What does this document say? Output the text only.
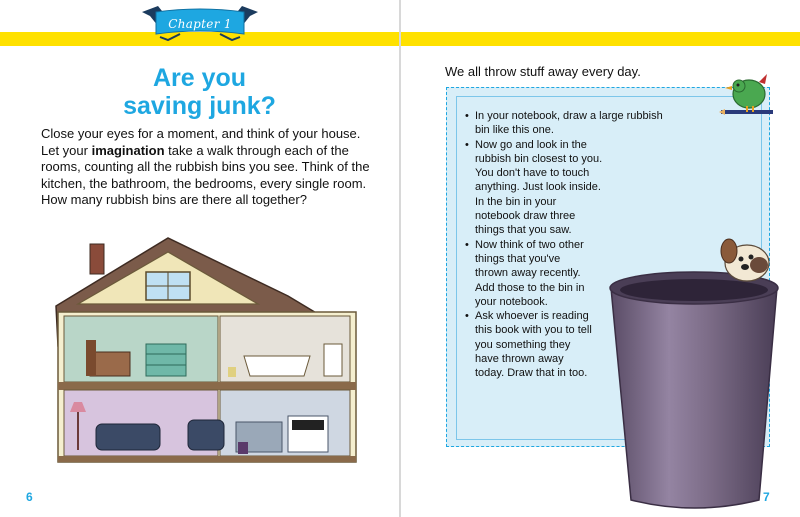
Chapter 1
Are you
saving junk?
Close your eyes for a moment, and think of your house. Let your imagination take a walk through each of the rooms, counting all the rubbish bins you see. Think of the kitchen, the bathroom, the bedrooms, every single room. How many rubbish bins are there all together?
6
We all throw stuff away every day.
• In your notebook, draw a large rubbish bin like this one.
• Now go and look in the rubbish bin closest to you. You don't have to touch anything. Just look inside. In the bin in your notebook draw three things that you saw.
• Now think of two other things that you've thrown away recently. Add those to the bin in your notebook.
• Ask whoever is reading this book with you to tell you something they have thrown away today. Draw that in too.
7
